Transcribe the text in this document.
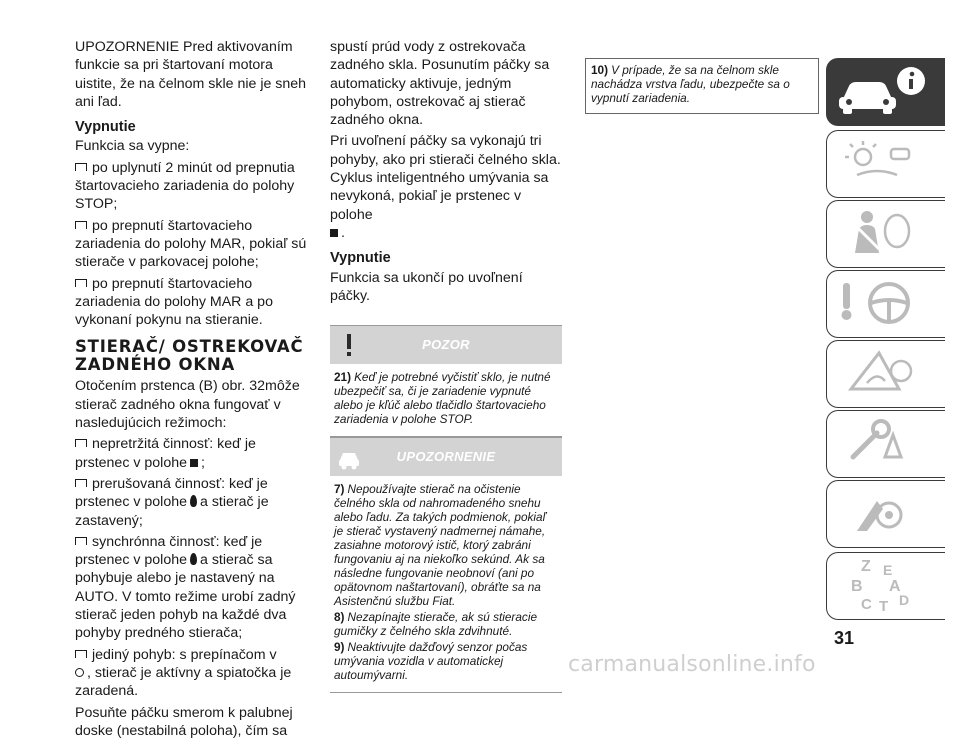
UPOZORNENIE Pred aktivovaním funkcie sa pri štartovaní motora uistite, že na čelnom skle nie je sneh ani ľad.

Vypnutie

Funkcia sa vypne:

po uplynutí 2 minút od prepnutia štartovacieho zariadenia do polohy STOP;

po prepnutí štartovacieho zariadenia do polohy MAR, pokiaľ sú stierače v parkovacej polohe;

po prepnutí štartovacieho zariadenia do polohy MAR a po vykonaní pokynu na stieranie.

STIERAČ/ OSTREKOVAČ
ZADNÉHO OKNA

Otočením prstenca (B) obr. 32môže stierač zadného okna fungovať v nasledujúcich režimoch:

nepretržitá činnosť: keď je prstenec v polohe ;

prerušovaná činnosť: keď je prstenec v polohe a stierač je zastavený;

synchrónna činnosť: keď je prstenec v polohe a stierač sa pohybuje alebo je nastavený na AUTO. V tomto režime urobí zadný stierač jeden pohyb na každé dva pohyby predného stierača;

jediný pohyb: s prepínačom v
, stierač je aktívny a spiatočka je zaradená.

Posuňte páčku smerom k palubnej doske (nestabilná poloha), čím sa

spustí prúd vody z ostrekovača zadného skla. Posunutím páčky sa automaticky aktivuje, jedným pohybom, ostrekovač aj stierač zadného okna.

Pri uvoľnení páčky sa vykonajú tri pohyby, ako pri stierači čelného skla. Cyklus inteligentného umývania sa nevykoná, pokiaľ je prstenec v polohe
.

Vypnutie

Funkcia sa ukončí po uvoľnení páčky.

POZOR

21) Keď je potrebné vyčistiť sklo, je nutné ubezpečiť sa, či je zariadenie vypnuté alebo je kľúč alebo tlačidlo štartovacieho zariadenia v polohe STOP.

UPOZORNENIE

7) Nepoužívajte stierač na očistenie čelného skla od nahromadeného snehu alebo ľadu. Za takých podmienok, pokiaľ je stierač vystavený nadmernej námahe, zasiahne motorový istič, ktorý zabráni fungovaniu aj na niekoľko sekúnd. Ak sa následne fungovanie neobnoví (ani po opätovnom naštartovaní), obráťte sa na Asistenčnú službu Fiat.

8) Nezapínajte stierače, ak sú stieracie gumičky z čelného skla zdvihnuté.

9) Neaktivujte dažďový senzor počas umývania vozidla v automatickej autoumývarni.

10) V prípade, že sa na čelnom skle nachádza vrstva ľadu, ubezpečte sa o vypnutí zariadenia.
Z E
B A
C T D
31
carmanualsonline.info
